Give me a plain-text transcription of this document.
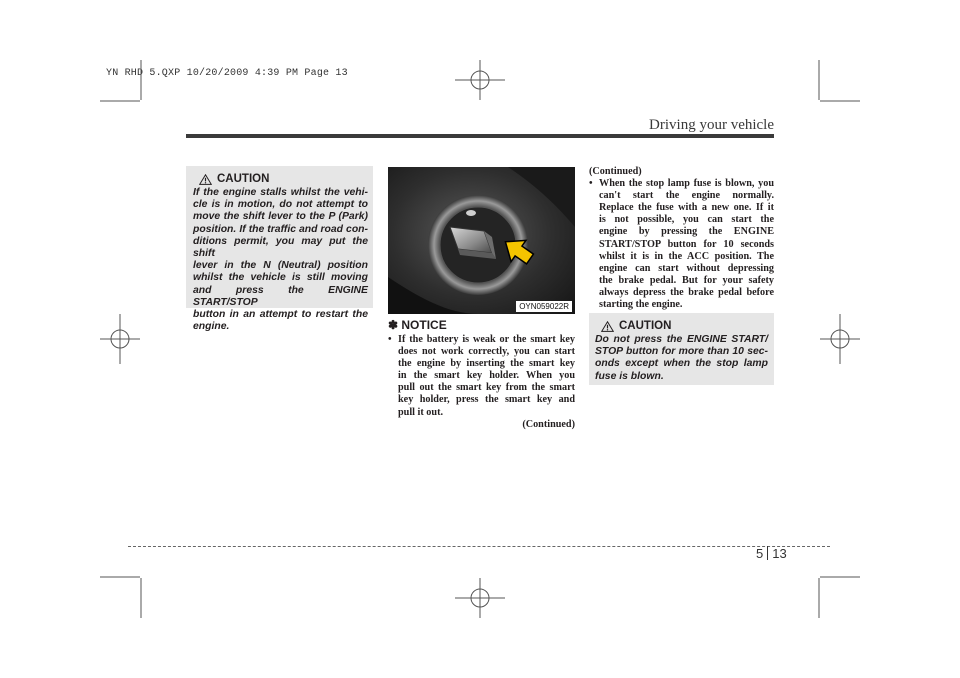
YN RHD 5.QXP 10/20/2009 4:39 PM Page 13
Driving your vehicle
CAUTION
If the engine stalls whilst the vehi-
cle is in motion, do not attempt to
move the shift lever to the P (Park)
position. If the traffic and road con-
ditions permit, you may put the shift
lever in the N (Neutral) position
whilst the vehicle is still moving
and press the ENGINE START/STOP
button in an attempt to restart the
engine.
OYN059022R
✽ NOTICE
• If the battery is weak or the smart key
does not work correctly, you can start
the engine by inserting the smart key
in the smart key holder. When you
pull out the smart key from the smart
key holder, press the smart key and
pull it out.
(Continued)
(Continued)
• When the stop lamp fuse is blown, you
can't start the engine normally.
Replace the fuse with a new one. If it
is not possible, you can start the
engine by pressing the ENGINE
START/STOP button for 10 seconds
whilst it is in the ACC position. The
engine can start without depressing
the brake pedal. But for your safety
always depress the brake pedal before
starting the engine.
CAUTION
Do not press the ENGINE START/
STOP button for more than 10 sec-
onds except when the stop lamp
fuse is blown.
5 13
